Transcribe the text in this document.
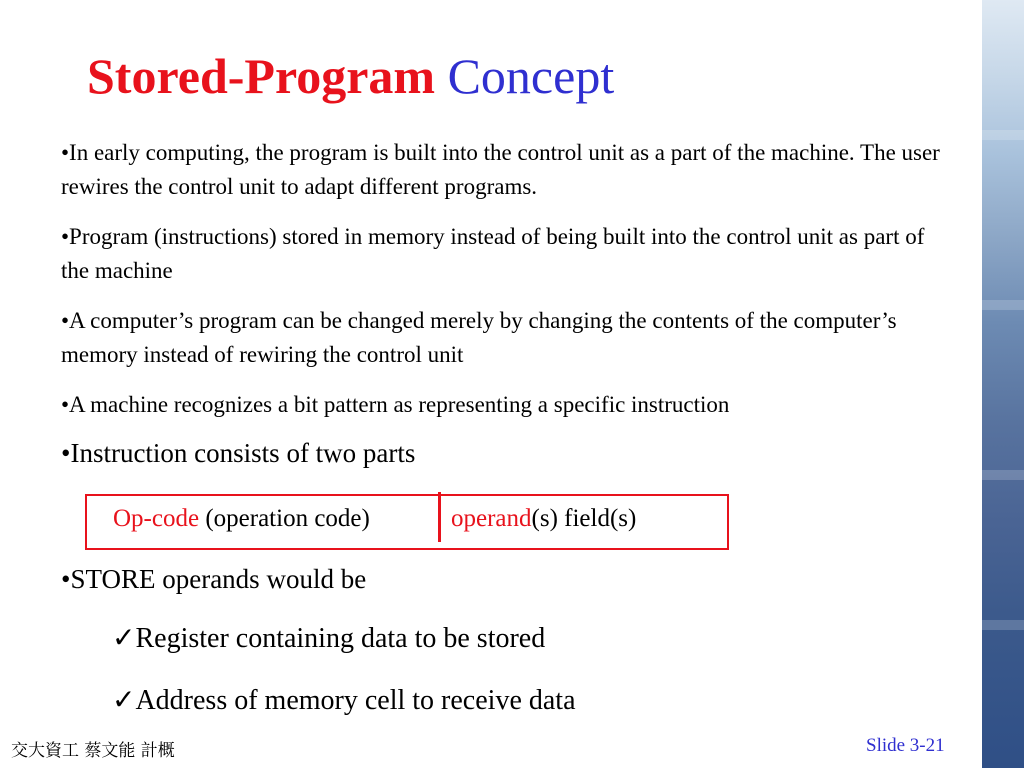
Stored-Program Concept
•In early computing, the program is built into the control unit as a part of the machine. The user rewires the control unit to adapt different programs.
•Program (instructions) stored in memory instead of being built into the control unit as part of the machine
•A computer’s program can be changed merely by changing the contents of the computer’s memory instead of rewiring the control unit
•A machine recognizes a bit pattern as representing a specific instruction
•Instruction consists of two parts
Op-code (operation code)	operand(s) field(s)
•STORE operands would be
✓Register containing data to be stored
✓Address of memory cell to receive data
交大資工 蔡文能 計概	Slide 3-21
